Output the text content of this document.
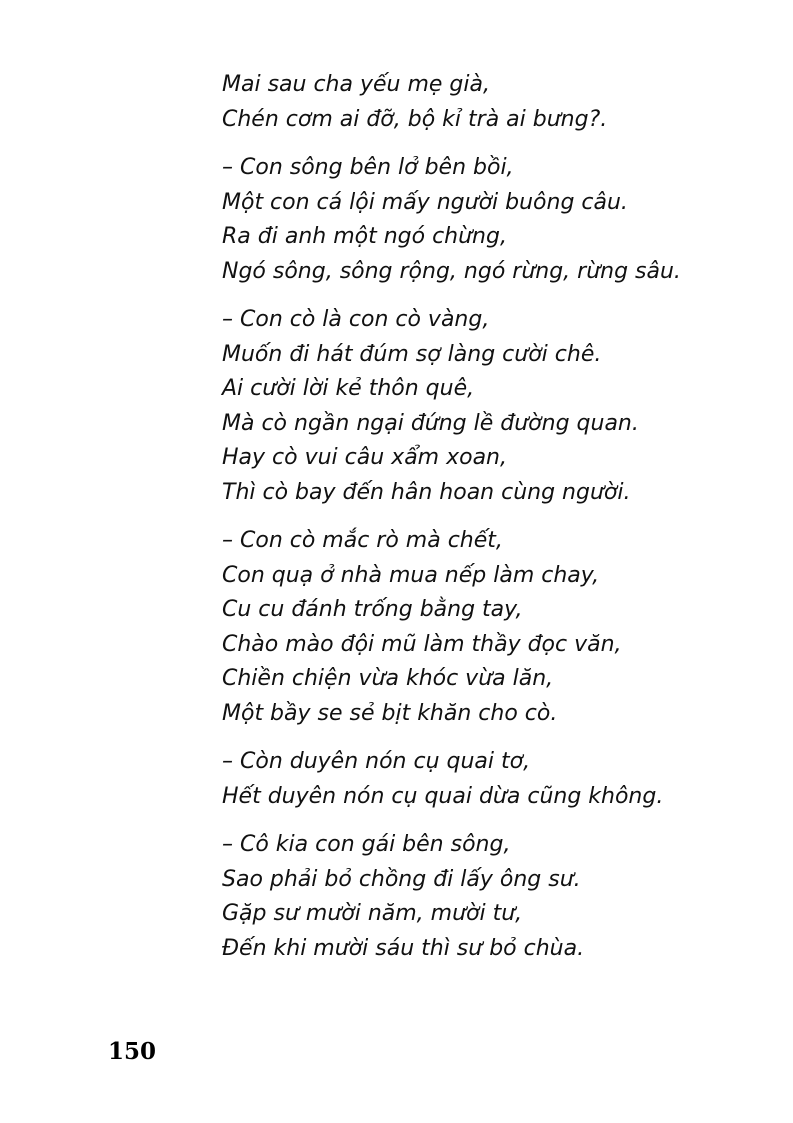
Mai sau cha yếu mẹ già,
Chén cơm ai đỡ, bộ kỉ trà ai bưng?.
– Con sông bên lở bên bồi,
Một con cá lội mấy người buông câu.
Ra đi anh một ngó chừng,
Ngó sông, sông rộng, ngó rừng, rừng sâu.
– Con cò là con cò vàng,
Muốn đi hát đúm sợ làng cười chê.
Ai cười lời kẻ thôn quê,
Mà cò ngần ngại đứng lề đường quan.
Hay cò vui câu xẩm xoan,
Thì cò bay đến hân hoan cùng người.
– Con cò mắc rò mà chết,
Con quạ ở nhà mua nếp làm chay,
Cu cu đánh trống bằng tay,
Chào mào đội mũ làm thầy đọc văn,
Chiền chiện vừa khóc vừa lăn,
Một bầy se sẻ bịt khăn cho cò.
– Còn duyên nón cụ quai tơ,
Hết duyên nón cụ quai dừa cũng không.
– Cô kia con gái bên sông,
Sao phải bỏ chồng đi lấy ông sư.
Gặp sư mười năm, mười tư,
Đến khi mười sáu thì sư bỏ chùa.
150
